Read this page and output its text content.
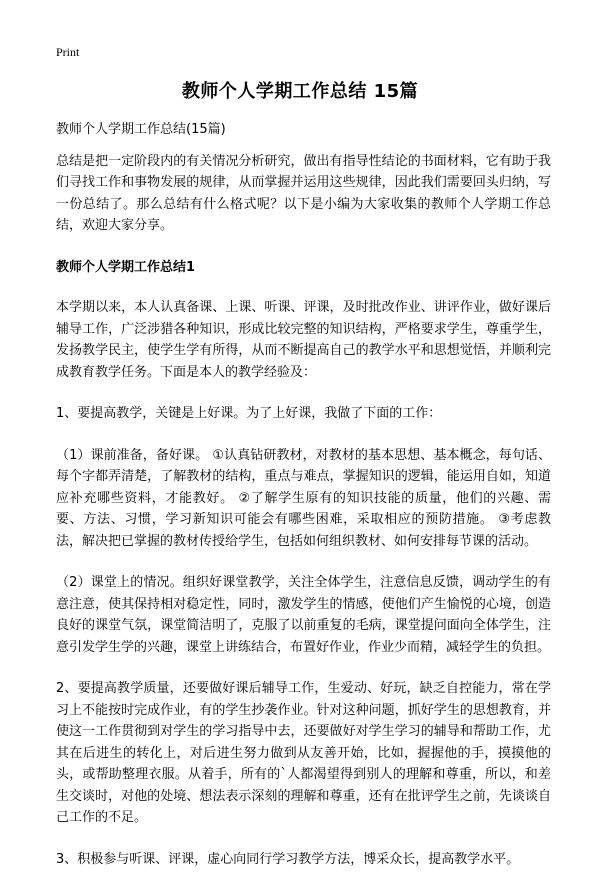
Print
教师个人学期工作总结 15篇

教师个人学期工作总结(15篇)

总结是把一定阶段内的有关情况分析研究，做出有指导性结论的书面材料，它有助于我们寻找工作和事物发展的规律，从而掌握并运用这些规律，因此我们需要回头归纳，写一份总结了。那么总结有什么格式呢？以下是小编为大家收集的教师个人学期工作总结，欢迎大家分享。

教师个人学期工作总结1

本学期以来，本人认真备课、上课、听课、评课，及时批改作业、讲评作业，做好课后辅导工作，广泛涉猎各种知识，形成比较完整的知识结构，严格要求学生，尊重学生，发扬教学民主，使学生学有所得，从而不断提高自己的教学水平和思想觉悟，并顺利完成教育教学任务。下面是本人的教学经验及：

1、要提高教学，关键是上好课。为了上好课，我做了下面的工作：

（1）课前准备，备好课。 ①认真钻研教材，对教材的基本思想、基本概念，每句话、每个字都弄清楚，了解教材的结构，重点与难点，掌握知识的逻辑，能运用自如，知道应补充哪些资料，才能教好。 ②了解学生原有的知识技能的质量，他们的兴趣、需要、方法、习惯，学习新知识可能会有哪些困难，采取相应的预防措施。 ③考虑教法，解决把已掌握的教材传授给学生，包括如何组织教材、如何安排每节课的活动。

（2）课堂上的情况。组织好课堂教学，关注全体学生，注意信息反馈，调动学生的有意注意，使其保持相对稳定性，同时，激发学生的情感，使他们产生愉悦的心境，创造良好的课堂气氛，课堂简洁明了，克服了以前重复的毛病，课堂提问面向全体学生，注意引发学生学的兴趣，课堂上讲练结合，布置好作业，作业少而精，减轻学生的负担。

2、要提高教学质量，还要做好课后辅导工作，生爱动、好玩，缺乏自控能力，常在学习上不能按时完成作业，有的学生抄袭作业。针对这种问题，抓好学生的思想教育，并使这一工作贯彻到对学生的学习指导中去，还要做好对学生学习的辅导和帮助工作，尤其在后进生的转化上，对后进生努力做到从友善开始，比如，握握他的手，摸摸他的头，或帮助整理衣服。从着手，所有的`人都渴望得到别人的理解和尊重，所以，和差生交谈时，对他的处境、想法表示深刻的理解和尊重，还有在批评学生之前，先谈谈自己工作的不足。

3、积极参与听课、评课，虚心向同行学习教学方法，博采众长，提高教学水平。
